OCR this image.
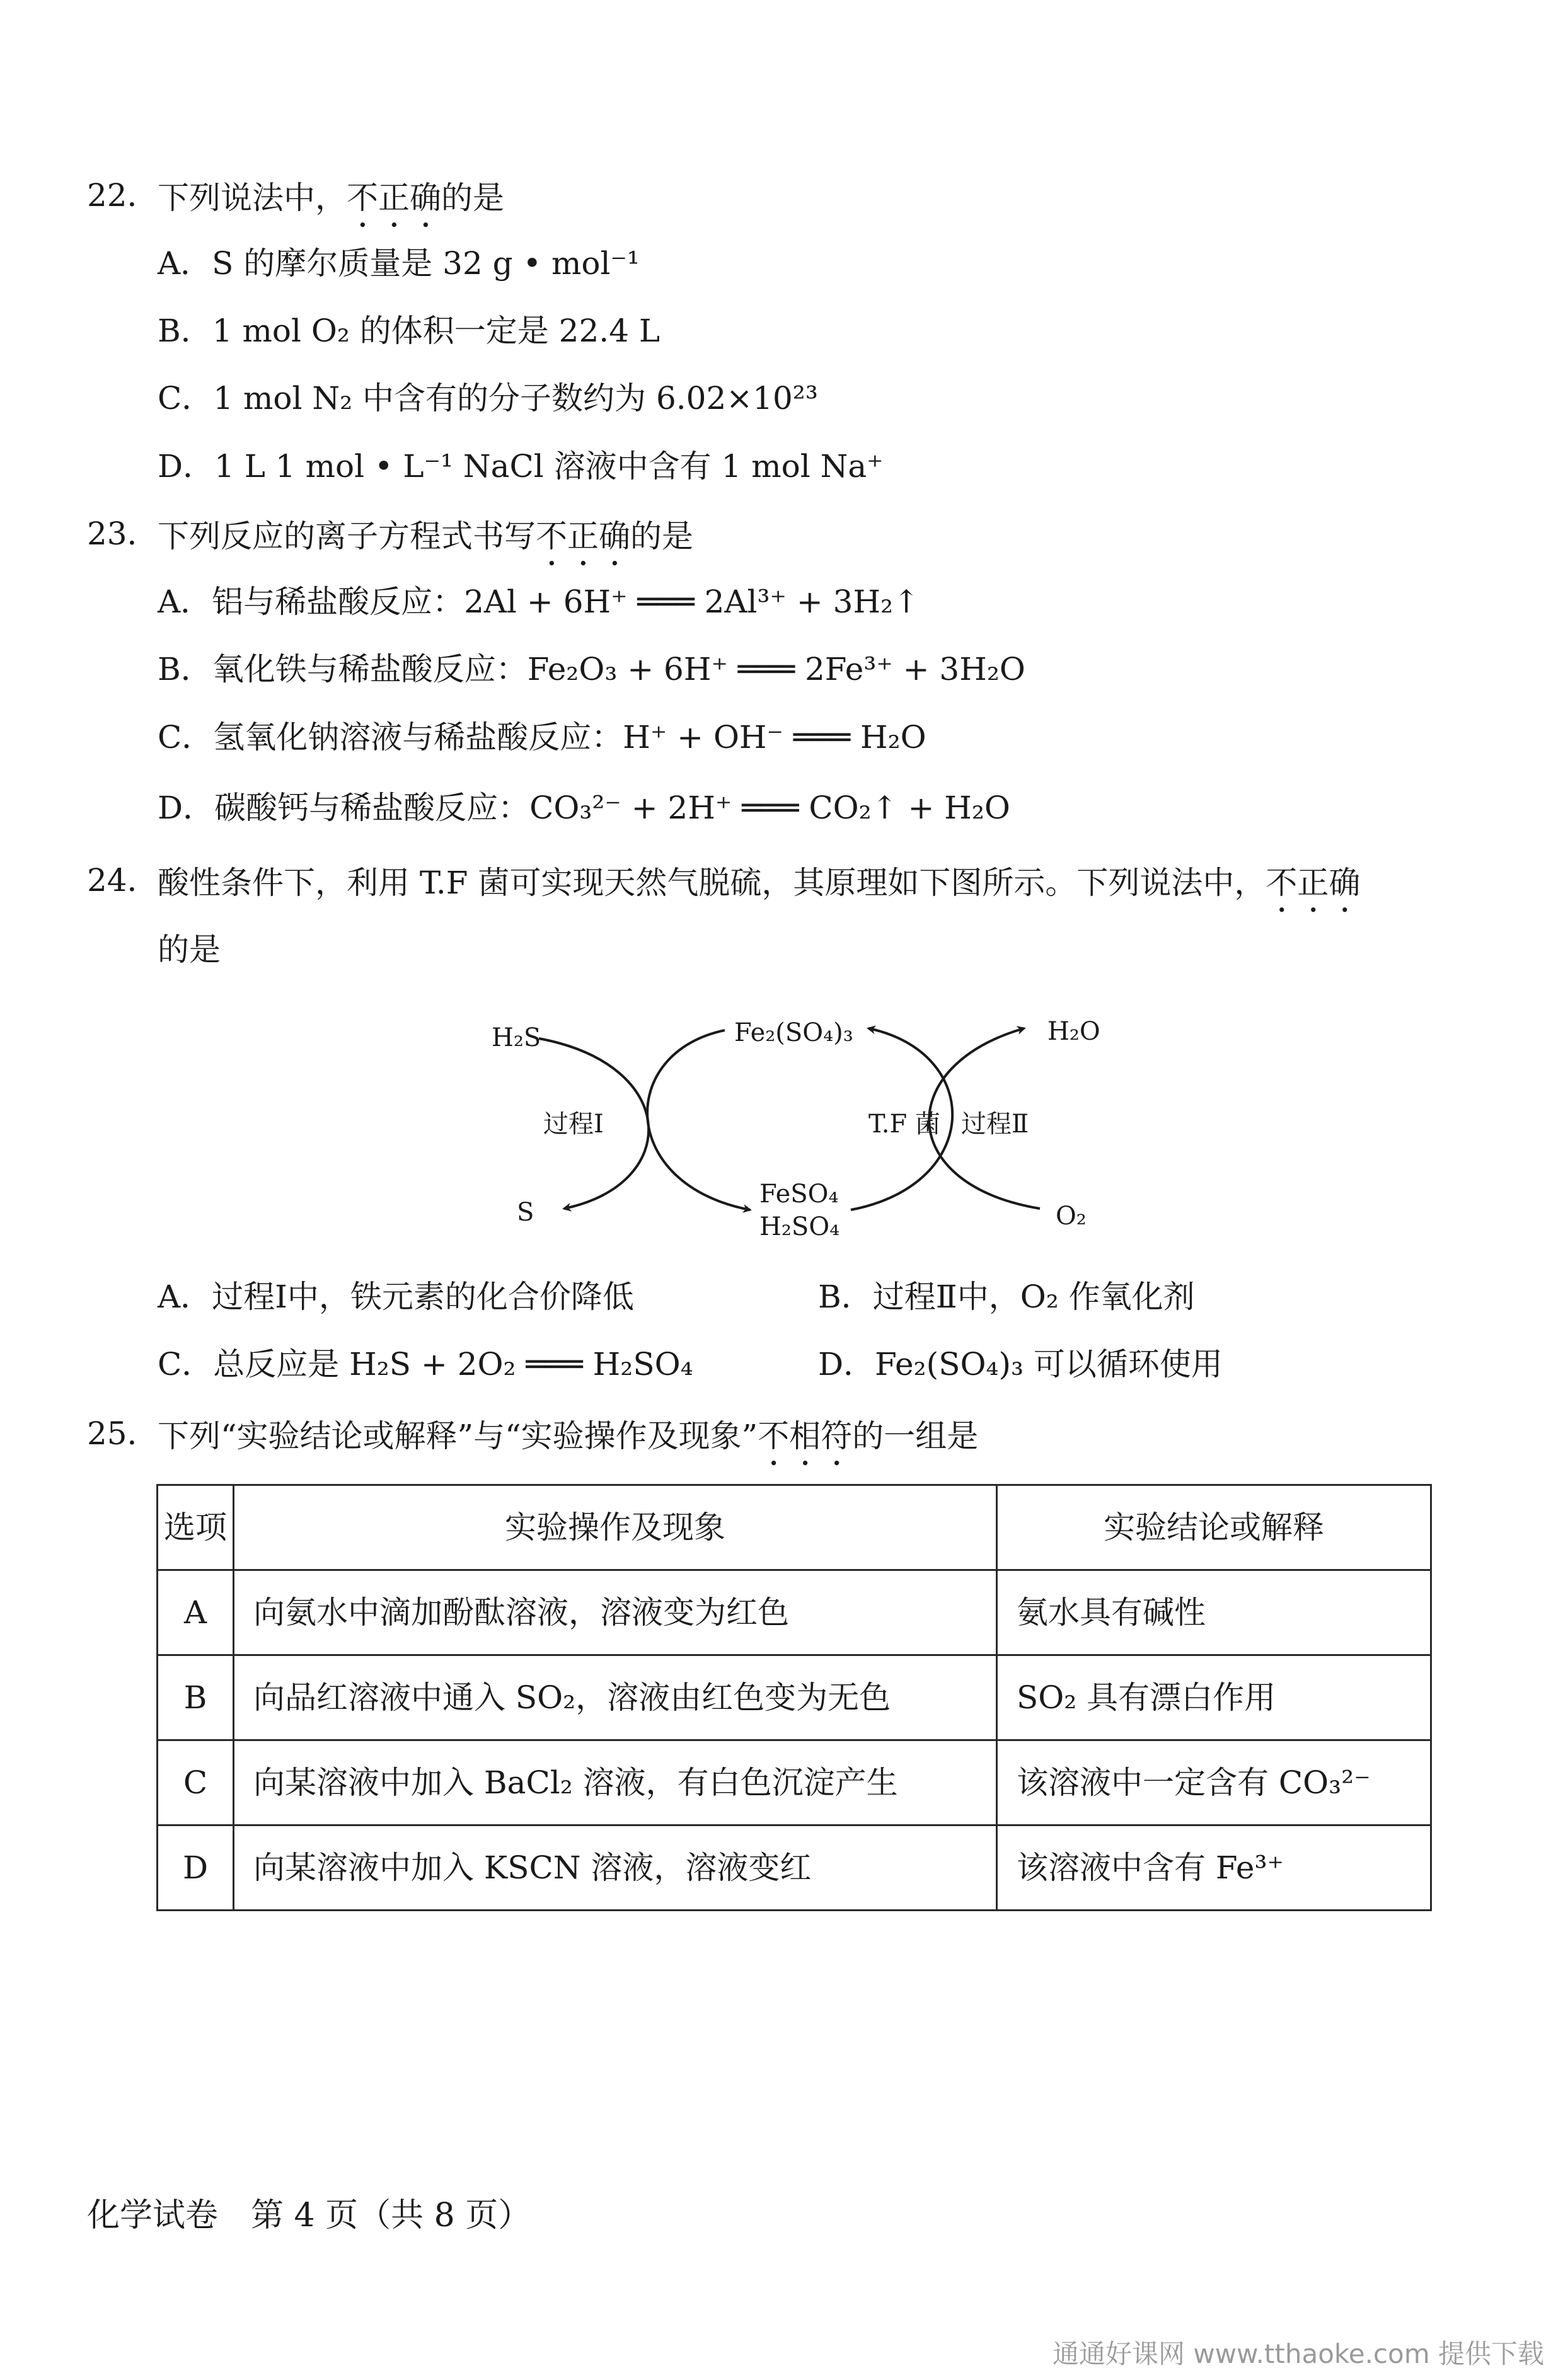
22．
下列说法中，不正确的是
A．S 的摩尔质量是 32 g • mol⁻¹
B．1 mol O₂ 的体积一定是 22.4 L
C．1 mol N₂ 中含有的分子数约为 6.02×10²³
D．1 L 1 mol • L⁻¹ NaCl 溶液中含有 1 mol Na⁺
23．
下列反应的离子方程式书写不正确的是
A．铝与稀盐酸反应：2Al + 6H⁺ ═══ 2Al³⁺ + 3H₂↑
B．氧化铁与稀盐酸反应：Fe₂O₃ + 6H⁺ ═══ 2Fe³⁺ + 3H₂O
C．氢氧化钠溶液与稀盐酸反应：H⁺ + OH⁻ ═══ H₂O
D．碳酸钙与稀盐酸反应：CO₃²⁻ + 2H⁺ ═══ CO₂↑ + H₂O
24．
酸性条件下，利用 T.F 菌可实现天然气脱硫，其原理如下图所示。下列说法中，不正确
的是
H₂S
S
过程Ⅰ
Fe₂(SO₄)₃
FeSO₄
H₂SO₄
T.F 菌 过程Ⅱ
H₂O
O₂
A．过程Ⅰ中，铁元素的化合价降低	B．过程Ⅱ中，O₂ 作氧化剂
C．总反应是 H₂S + 2O₂ ═══ H₂SO₄	D．Fe₂(SO₄)₃ 可以循环使用
25．
下列“实验结论或解释”与“实验操作及现象”不相符的一组是
选项	实验操作及现象	实验结论或解释
A	向氨水中滴加酚酞溶液，溶液变为红色	氨水具有碱性
B	向品红溶液中通入 SO₂，溶液由红色变为无色	SO₂ 具有漂白作用
C	向某溶液中加入 BaCl₂ 溶液，有白色沉淀产生	该溶液中一定含有 CO₃²⁻
D	向某溶液中加入 KSCN 溶液，溶液变红	该溶液中含有 Fe³⁺
化学试卷　第 4 页（共 8 页）
通通好课网 www.tthaoke.com 提供下载
